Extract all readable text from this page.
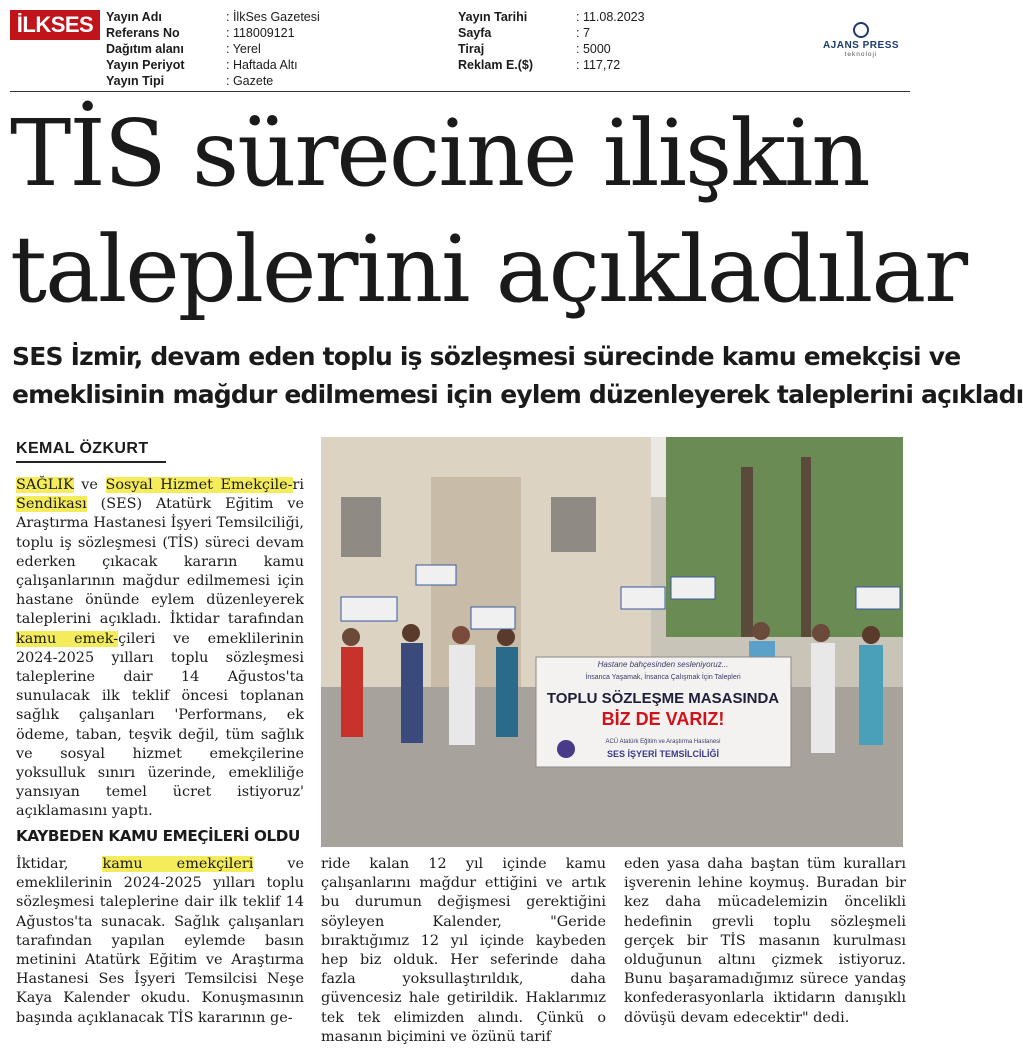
İLKSES	Yayın Adı	: İlkSes Gazetesi
Referans No	: 118009121
Dağıtım alanı	: Yerel
Yayın Periyot	: Haftada Altı
Yayın Tipi	: Gazete
Yayın Tarihi	: 11.08.2023
Sayfa	: 7
Tiraj	: 5000
Reklam E.($)	: 117,72
AJANS PRESS
teknoloji
TİS sürecine ilişkin
taleplerini açıkladılar
SES İzmir, devam eden toplu iş sözleşmesi sürecinde kamu emekçisi ve
emeklisinin mağdur edilmemesi için eylem düzenleyerek taleplerini açıkladı
KEMAL ÖZKURT
SAĞLIK ve Sosyal Hizmet Emekçile-ri Sendikası (SES) Atatürk Eğitim ve Araştırma Hastanesi İşyeri Temsilciliği, toplu iş sözleşmesi (TİS) süreci devam ederken çıkacak kararın kamu çalışanlarının mağdur edilmemesi için hastane önünde eylem düzenleyerek taleplerini açıkladı. İktidar tarafından kamu emek-çileri ve emeklilerinin 2024-2025 yılları toplu sözleşmesi taleplerine dair 14 Ağustos'ta sunulacak ilk teklif öncesi toplanan sağlık çalışanları 'Performans, ek ödeme, taban, teşvik değil, tüm sağlık ve sosyal hizmet emekçilerine yoksulluk sınırı üzerinde, emekliliğe yansıyan temel ücret istiyoruz' açıklamasını yaptı.
KAYBEDEN KAMU EMEÇİLERİ OLDU
İktidar, kamu emekçileri ve emeklilerinin 2024-2025 yılları toplu sözleşmesi taleplerine dair ilk teklif 14 Ağustos'ta sunacak. Sağlık çalışanları tarafından yapılan eylemde basın metinini Atatürk Eğitim ve Araştırma Hastanesi Ses İşyeri Temsilcisi Neşe Kaya Kalender okudu. Konuşmasının başında açıklanacak TİS kararının ge-
ride kalan 12 yıl içinde kamu çalışanlarını mağdur ettiğini ve artık bu durumun değişmesi gerektiğini söyleyen Kalender, "Geride bıraktığımız 12 yıl içinde kaybeden hep biz olduk. Her seferinde daha fazla yoksullaştırıldık, daha güvencesiz hale getirildik. Haklarımız tek tek elimizden alındı. Çünkü o masanın biçimini ve özünü tarif
eden yasa daha baştan tüm kuralları işverenin lehine koymuş. Buradan bir kez daha mücadelemizin öncelikli hedefinin grevli toplu sözleşmeli gerçek bir TİS masanın kurulması olduğunun altını çizmek istiyoruz. Bunu başaramadığımız sürece yandaş konfederasyonlarla iktidarın danışıklı dövüşü devam edecektir" dedi.
Hastane bahçesinden sesleniyoruz...
İnsanca Yaşamak, İnsanca Çalışmak İçin Talepleri
TOPLU SÖZLEŞME MASASINDA
BİZ DE VARIZ!
ACÜ Atatürk Eğitim ve Araştırma Hastanesi
SES İŞYERİ TEMSİLCİLİĞİ
